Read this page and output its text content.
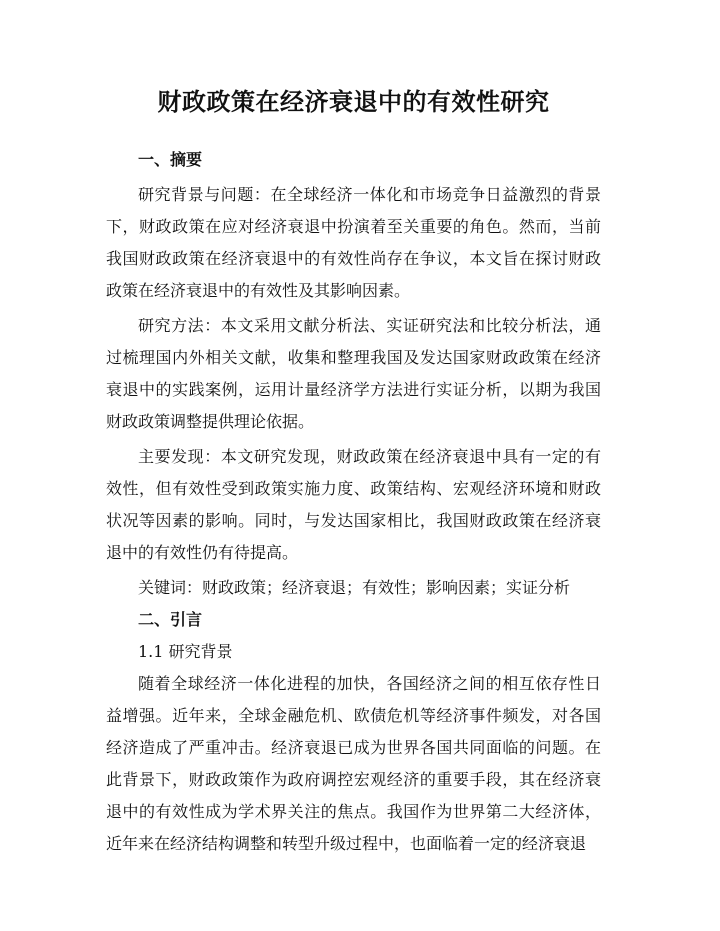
财政政策在经济衰退中的有效性研究

一、摘要

研究背景与问题：在全球经济一体化和市场竞争日益激烈的背景下，财政政策在应对经济衰退中扮演着至关重要的角色。然而，当前我国财政政策在经济衰退中的有效性尚存在争议，本文旨在探讨财政政策在经济衰退中的有效性及其影响因素。

研究方法：本文采用文献分析法、实证研究法和比较分析法，通过梳理国内外相关文献，收集和整理我国及发达国家财政政策在经济衰退中的实践案例，运用计量经济学方法进行实证分析，以期为我国财政政策调整提供理论依据。

主要发现：本文研究发现，财政政策在经济衰退中具有一定的有效性，但有效性受到政策实施力度、政策结构、宏观经济环境和财政状况等因素的影响。同时，与发达国家相比，我国财政政策在经济衰退中的有效性仍有待提高。

关键词：财政政策；经济衰退；有效性；影响因素；实证分析

二、引言

1.1 研究背景

随着全球经济一体化进程的加快，各国经济之间的相互依存性日益增强。近年来，全球金融危机、欧债危机等经济事件频发，对各国经济造成了严重冲击。经济衰退已成为世界各国共同面临的问题。在此背景下，财政政策作为政府调控宏观经济的重要手段，其在经济衰退中的有效性成为学术界关注的焦点。我国作为世界第二大经济体，近年来在经济结构调整和转型升级过程中，也面临着一定的经济衰退
